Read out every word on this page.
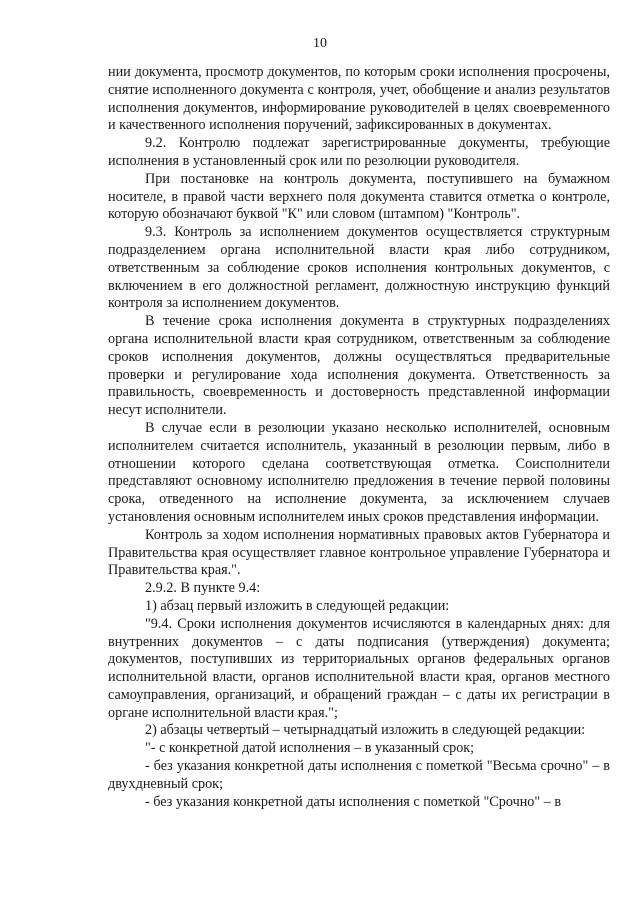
10

нии документа, просмотр документов, по которым сроки исполнения просрочены, снятие исполненного документа с контроля, учет, обобщение и анализ результатов исполнения документов, информирование руководителей в целях своевременного и качественного исполнения поручений, зафиксированных в документах.

9.2. Контролю подлежат зарегистрированные документы, требующие исполнения в установленный срок или по резолюции руководителя.

При постановке на контроль документа, поступившего на бумажном носителе, в правой части верхнего поля документа ставится отметка о контроле, которую обозначают буквой "К" или словом (штампом) "Контроль".

9.3. Контроль за исполнением документов осуществляется структурным подразделением органа исполнительной власти края либо сотрудником, ответственным за соблюдение сроков исполнения контрольных документов, с включением в его должностной регламент, должностную инструкцию функций контроля за исполнением документов.

В течение срока исполнения документа в структурных подразделениях органа исполнительной власти края сотрудником, ответственным за соблюдение сроков исполнения документов, должны осуществляться предварительные проверки и регулирование хода исполнения документа. Ответственность за правильность, своевременность и достоверность представленной информации несут исполнители.

В случае если в резолюции указано несколько исполнителей, основным исполнителем считается исполнитель, указанный в резолюции первым, либо в отношении которого сделана соответствующая отметка. Соисполнители представляют основному исполнителю предложения в течение первой половины срока, отведенного на исполнение документа, за исключением случаев установления основным исполнителем иных сроков представления информации.

Контроль за ходом исполнения нормативных правовых актов Губернатора и Правительства края осуществляет главное контрольное управление Губернатора и Правительства края.".

2.9.2. В пункте 9.4:

1) абзац первый изложить в следующей редакции:

"9.4. Сроки исполнения документов исчисляются в календарных днях: для внутренних документов – с даты подписания (утверждения) документа; документов, поступивших из территориальных органов федеральных органов исполнительной власти, органов исполнительной власти края, органов местного самоуправления, организаций, и обращений граждан – с даты их регистрации в органе исполнительной власти края.";

2) абзацы четвертый – четырнадцатый изложить в следующей редакции:

"- с конкретной датой исполнения – в указанный срок;

- без указания конкретной даты исполнения с пометкой "Весьма срочно" – в двухдневный срок;

- без указания конкретной даты исполнения с пометкой "Срочно" – в
